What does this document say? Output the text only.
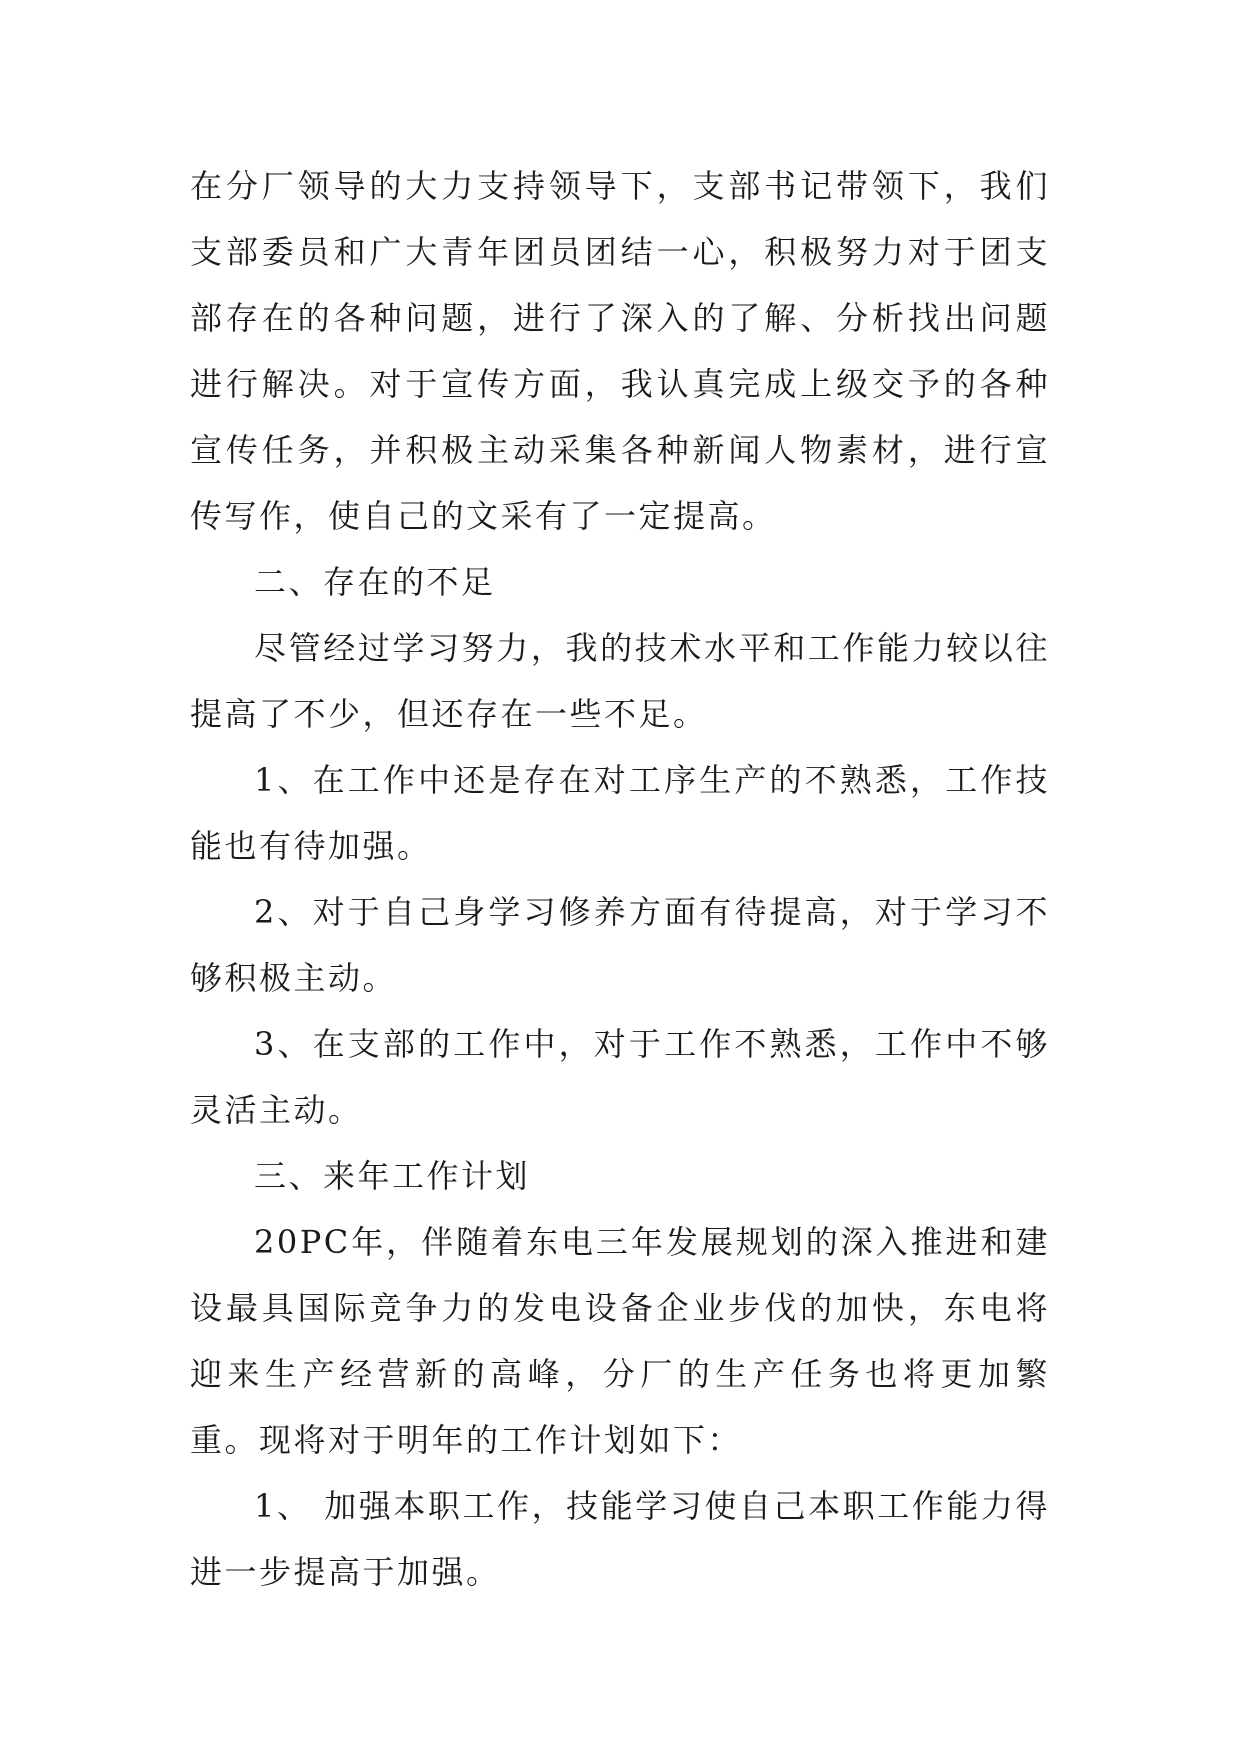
在分厂领导的大力支持领导下，支部书记带领下，我们支部委员和广大青年团员团结一心，积极努力对于团支部存在的各种问题，进行了深入的了解、分析找出问题进行解决。对于宣传方面，我认真完成上级交予的各种宣传任务，并积极主动采集各种新闻人物素材，进行宣传写作，使自己的文采有了一定提高。

二、存在的不足

尽管经过学习努力，我的技术水平和工作能力较以往提高了不少，但还存在一些不足。

1、在工作中还是存在对工序生产的不熟悉，工作技能也有待加强。

2、对于自己身学习修养方面有待提高，对于学习不够积极主动。

3、在支部的工作中，对于工作不熟悉，工作中不够灵活主动。

三、来年工作计划

20PC年，伴随着东电三年发展规划的深入推进和建设最具国际竞争力的发电设备企业步伐的加快，东电将迎来生产经营新的高峰，分厂的生产任务也将更加繁重。现将对于明年的工作计划如下：

1、 加强本职工作，技能学习使自己本职工作能力得进一步提高于加强。
